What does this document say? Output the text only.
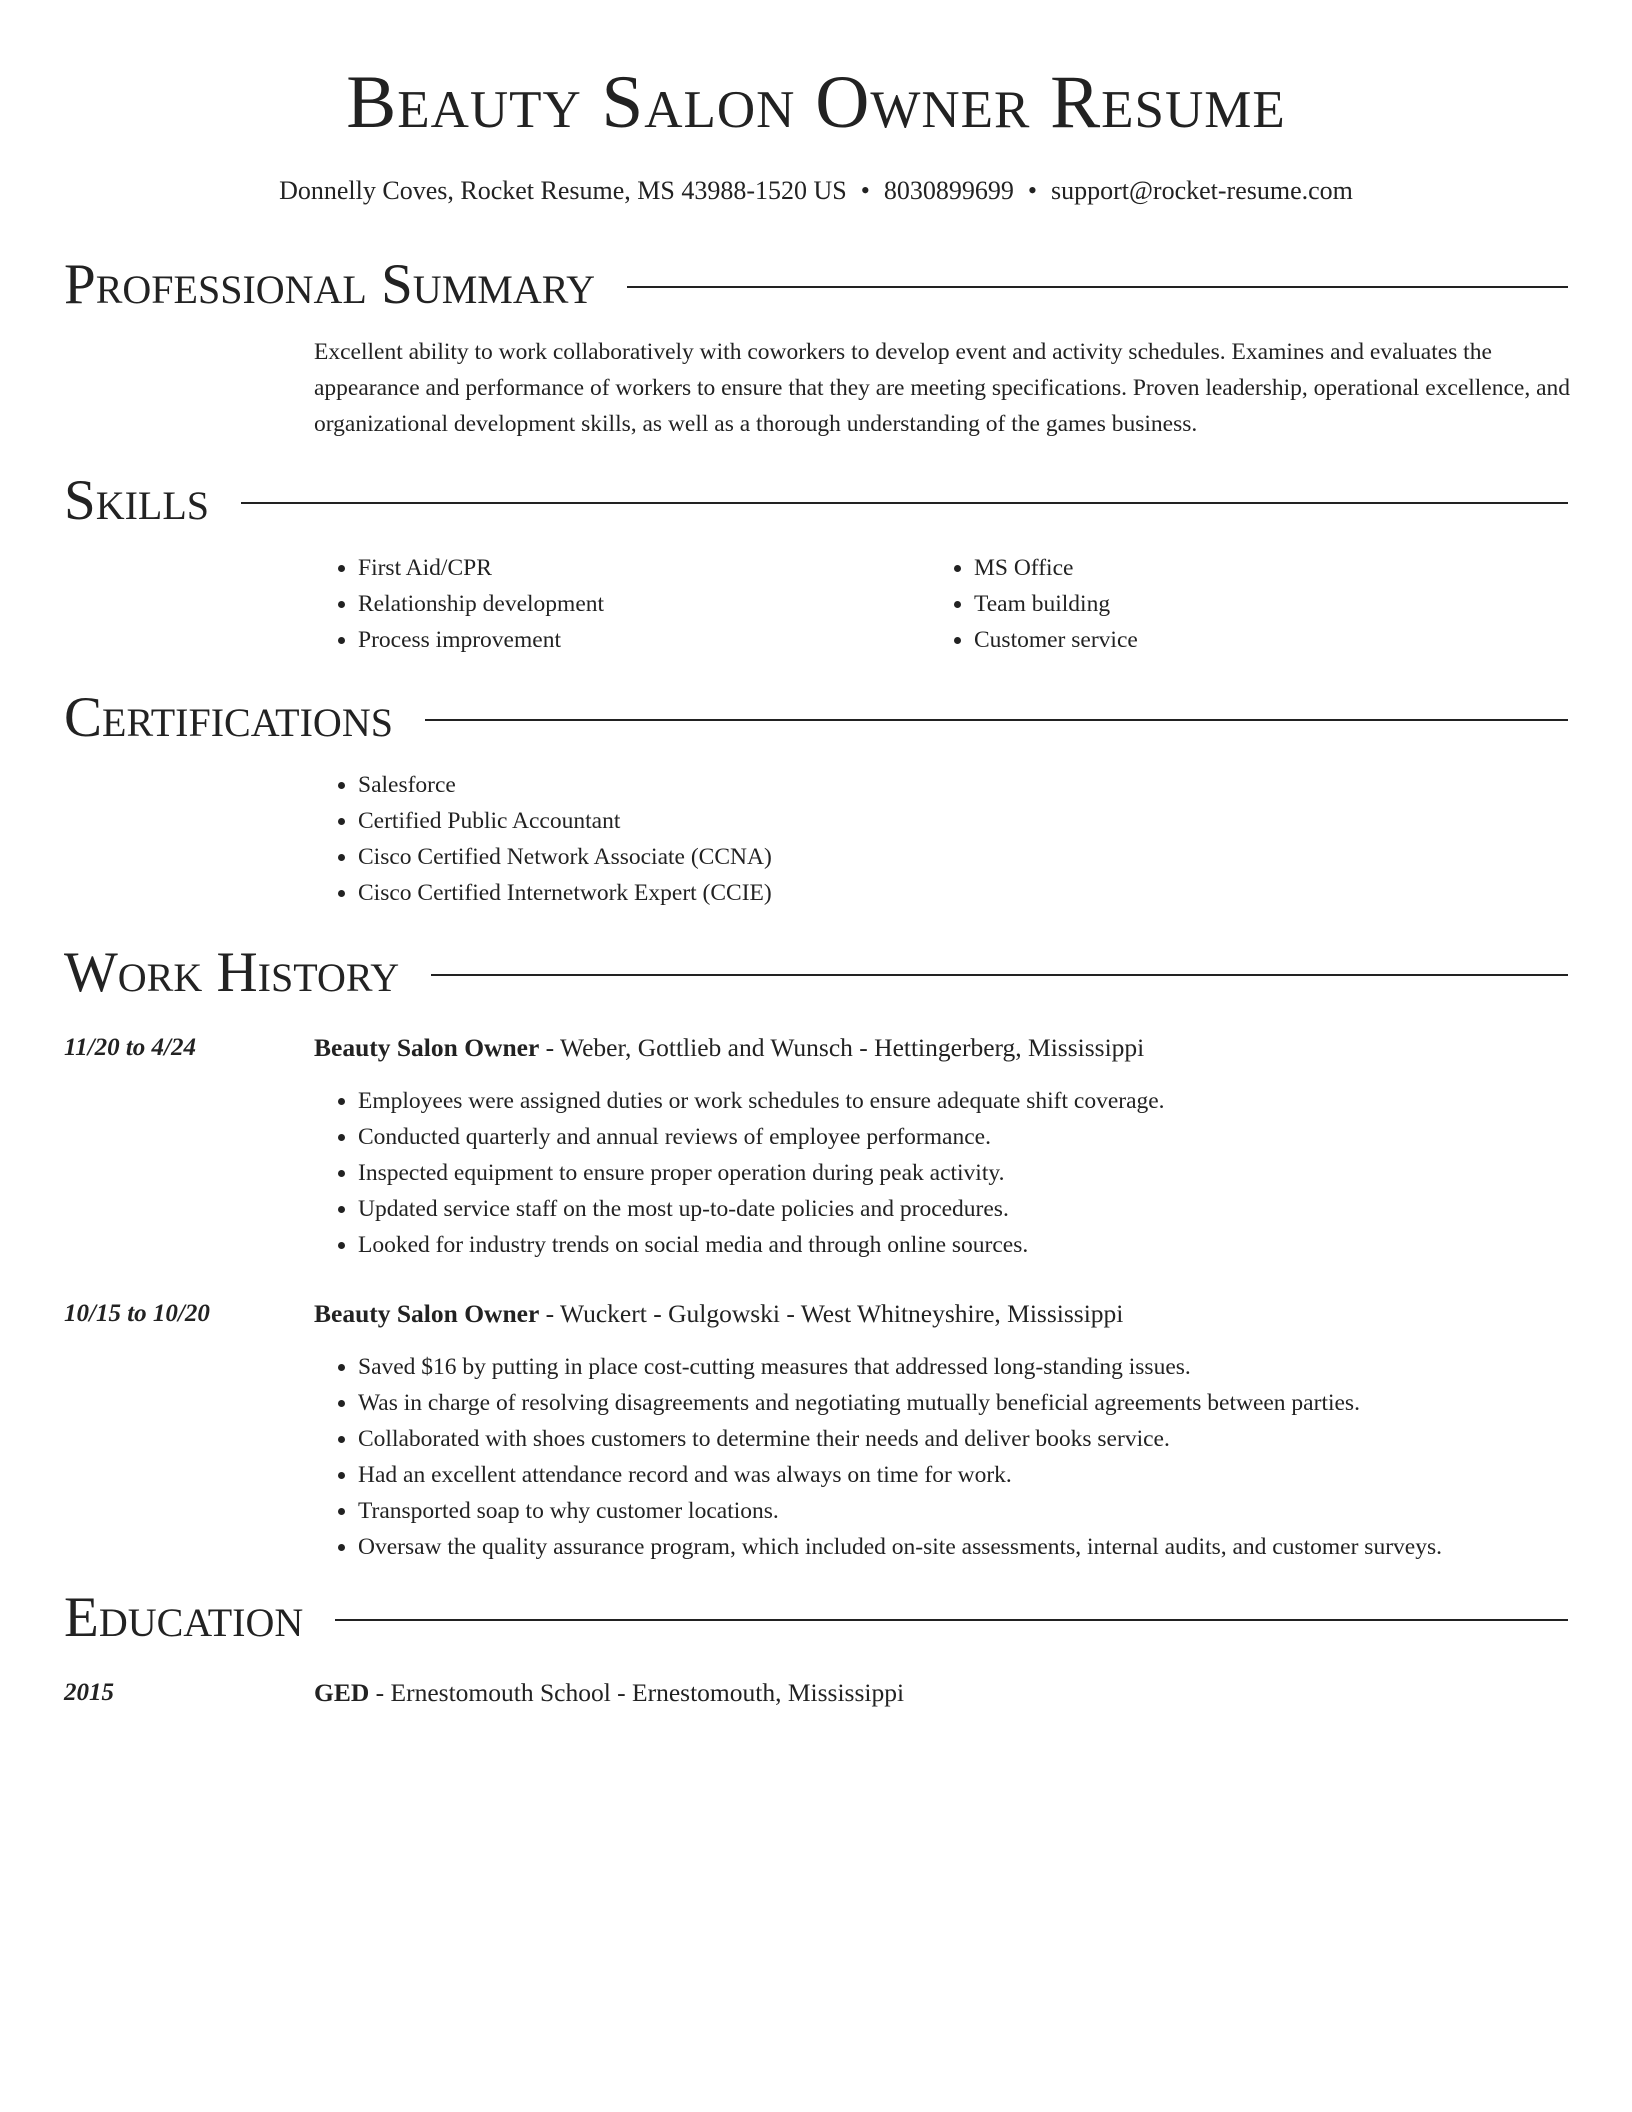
Beauty Salon Owner Resume
Donnelly Coves, Rocket Resume, MS 43988-1520 US • 8030899699 • support@rocket-resume.com
Professional Summary

Excellent ability to work collaboratively with coworkers to develop event and activity schedules. Examines and evaluates the appearance and performance of workers to ensure that they are meeting specifications. Proven leadership, operational excellence, and organizational development skills, as well as a thorough understanding of the games business.

Skills
• First Aid/CPR
• Relationship development
• Process improvement
• MS Office
• Team building
• Customer service
Certifications
• Salesforce
• Certified Public Accountant
• Cisco Certified Network Associate (CCNA)
• Cisco Certified Internetwork Expert (CCIE)
Work History
11/20 to 4/24	Beauty Salon Owner - Weber, Gottlieb and Wunsch - Hettingerberg, Mississippi
• Employees were assigned duties or work schedules to ensure adequate shift coverage.
• Conducted quarterly and annual reviews of employee performance.
• Inspected equipment to ensure proper operation during peak activity.
• Updated service staff on the most up-to-date policies and procedures.
• Looked for industry trends on social media and through online sources.
10/15 to 10/20	Beauty Salon Owner - Wuckert - Gulgowski - West Whitneyshire, Mississippi
• Saved $16 by putting in place cost-cutting measures that addressed long-standing issues.
• Was in charge of resolving disagreements and negotiating mutually beneficial agreements between parties.
• Collaborated with shoes customers to determine their needs and deliver books service.
• Had an excellent attendance record and was always on time for work.
• Transported soap to why customer locations.
• Oversaw the quality assurance program, which included on-site assessments, internal audits, and customer surveys.
Education
2015	GED - Ernestomouth School - Ernestomouth, Mississippi
